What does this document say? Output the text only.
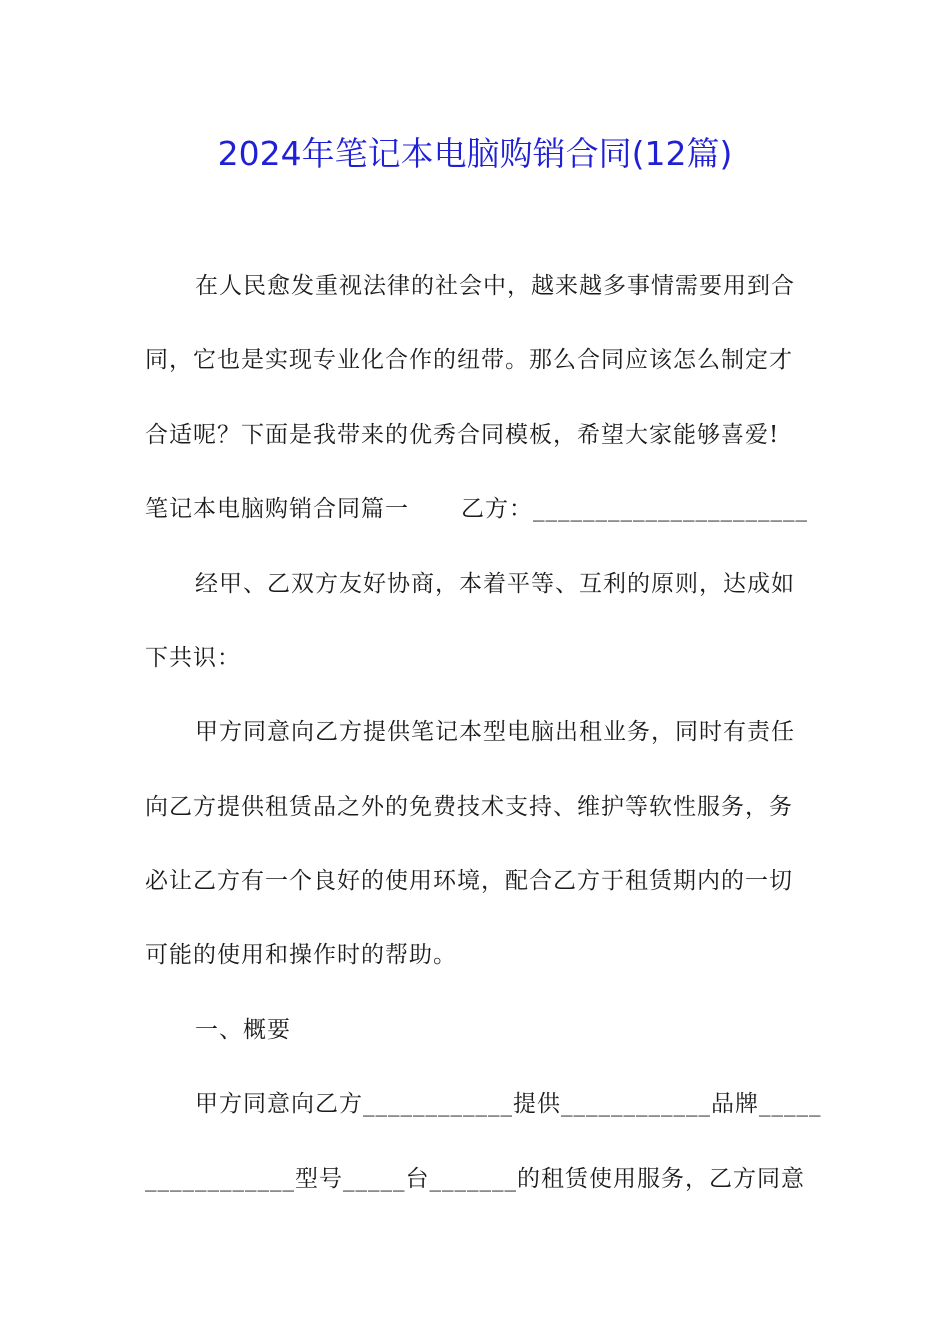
2024年笔记本电脑购销合同(12篇)
在人民愈发重视法律的社会中，越来越多事情需要用到合
同，它也是实现专业化合作的纽带。那么合同应该怎么制定才
合适呢？下面是我带来的优秀合同模板，希望大家能够喜爱!
笔记本电脑购销合同篇一 乙方：______________________
经甲、乙双方友好协商，本着平等、互利的原则，达成如
下共识：
甲方同意向乙方提供笔记本型电脑出租业务，同时有责任
向乙方提供租赁品之外的免费技术支持、维护等软性服务，务
必让乙方有一个良好的使用环境，配合乙方于租赁期内的一切
可能的使用和操作时的帮助。
一、概要
甲方同意向乙方____________提供____________品牌_____
____________型号_____台_______的租赁使用服务，乙方同意
